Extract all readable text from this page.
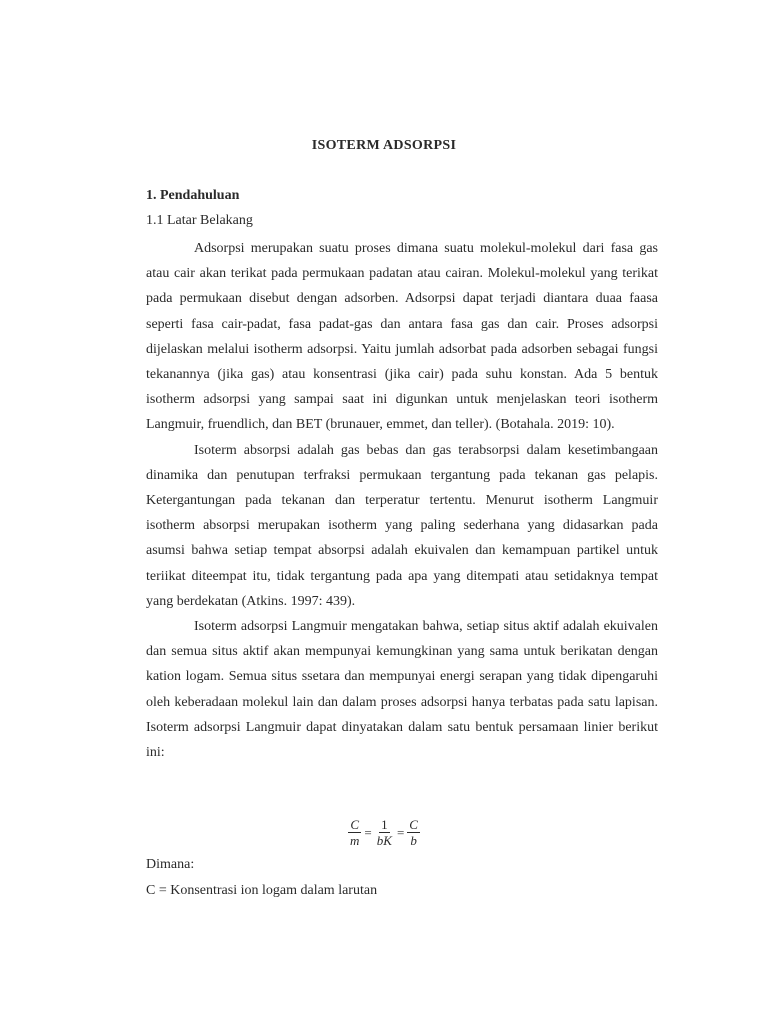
ISOTERM ADSORPSI
1. Pendahuluan
1.1 Latar Belakang

Adsorpsi merupakan suatu proses dimana suatu molekul-molekul dari fasa gas atau cair akan terikat pada permukaan padatan atau cairan. Molekul-molekul yang terikat pada permukaan disebut dengan adsorben. Adsorpsi dapat terjadi diantara duaa faasa seperti fasa cair-padat, fasa padat-gas dan antara fasa gas dan cair. Proses adsorpsi dijelaskan melalui isotherm adsorpsi. Yaitu jumlah adsorbat pada adsorben sebagai fungsi tekanannya (jika gas) atau konsentrasi (jika cair) pada suhu konstan. Ada 5 bentuk isotherm adsorpsi yang sampai saat ini digunkan untuk menjelaskan teori isotherm Langmuir, fruendlich, dan BET (brunauer, emmet, dan teller). (Botahala. 2019: 10).

Isoterm absorpsi adalah gas bebas dan gas terabsorpsi dalam kesetimbangaan dinamika dan penutupan terfraksi permukaan tergantung pada tekanan gas pelapis. Ketergantungan pada tekanan dan terperatur tertentu. Menurut isotherm Langmuir isotherm absorpsi merupakan isotherm yang paling sederhana yang didasarkan pada asumsi bahwa setiap tempat absorpsi adalah ekuivalen dan kemampuan partikel untuk teriikat diteempat itu, tidak tergantung pada apa yang ditempati atau setidaknya tempat yang berdekatan (Atkins. 1997: 439).

Isoterm adsorpsi Langmuir mengatakan bahwa, setiap situs aktif adalah ekuivalen dan semua situs aktif akan mempunyai kemungkinan yang sama untuk berikatan dengan kation logam. Semua situs ssetara dan mempunyai energi serapan yang tidak dipengaruhi oleh keberadaan molekul lain dan dalam proses adsorpsi hanya terbatas pada satu lapisan. Isoterm adsorpsi Langmuir dapat dinyatakan dalam satu bentuk persamaan linier berikut ini:

$\frac{C}{m} = \frac{1}{bK} = \frac{C}{b}$
Dimana:
C = Konsentrasi ion logam dalam larutan
